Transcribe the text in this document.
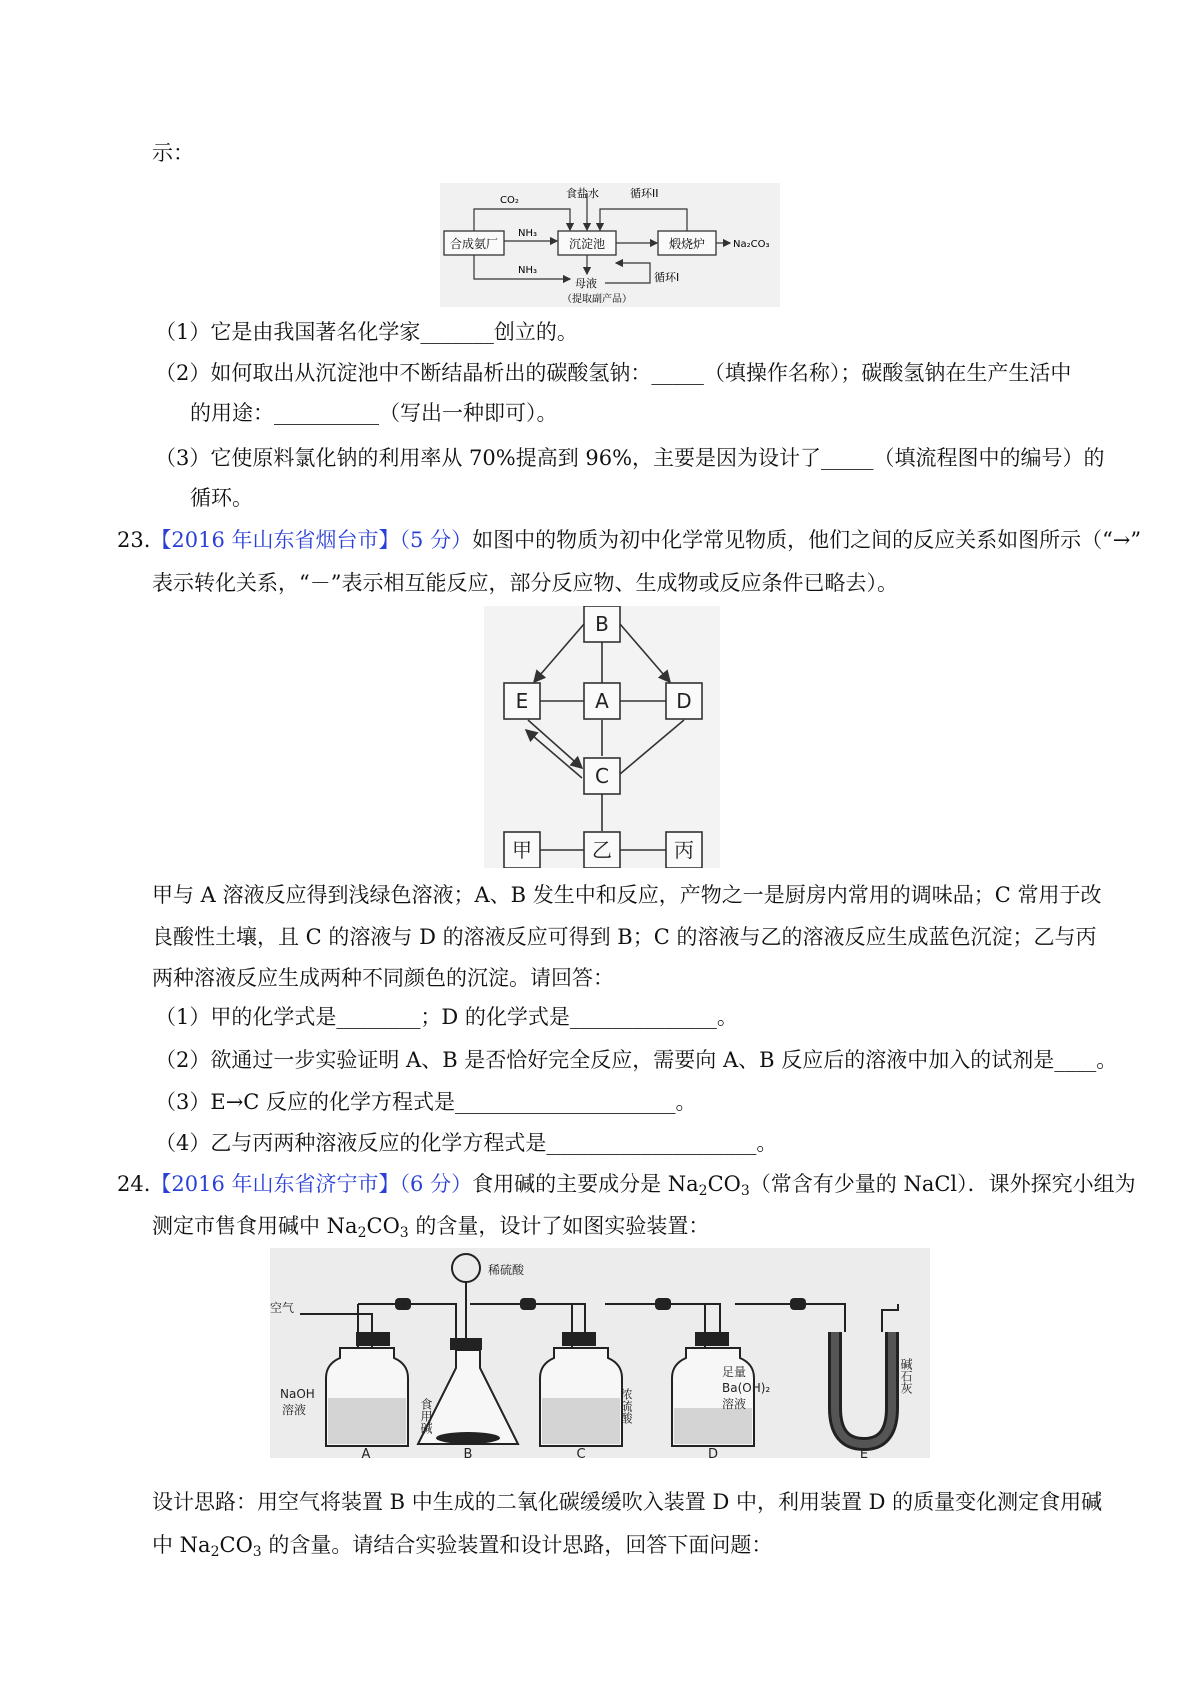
示：
合成氨厂	沉淀池	煅烧炉	Na₂CO₃
NH₃
CO₂
食盐水	循环II
NH₃
母液	循环I
（提取副产品）
（1）它是由我国著名化学家_______创立的。
（2）如何取出从沉淀池中不断结晶析出的碳酸氢钠：_____（填操作名称）；碳酸氢钠在生产生活中
的用途：__________（写出一种即可）。
（3）它使原料氯化钠的利用率从 70%提高到 96%，主要是因为设计了_____（填流程图中的编号）的
循环。
23.【2016 年山东省烟台市】（5 分）如图中的物质为初中化学常见物质，他们之间的反应关系如图所示（“→”
表示转化关系，“－”表示相互能反应，部分反应物、生成物或反应条件已略去）。
B
E	A	D
C
甲	乙	丙
甲与 A 溶液反应得到浅绿色溶液；A、B 发生中和反应，产物之一是厨房内常用的调味品；C 常用于改
良酸性土壤，且 C 的溶液与 D 的溶液反应可得到 B；C 的溶液与乙的溶液反应生成蓝色沉淀；乙与丙
两种溶液反应生成两种不同颜色的沉淀。请回答：
（1）甲的化学式是________；D 的化学式是______________。
（2）欲通过一步实验证明 A、B 是否恰好完全反应，需要向 A、B 反应后的溶液中加入的试剂是____。
（3）E→C 反应的化学方程式是_____________________。
（4）乙与丙两种溶液反应的化学方程式是____________________。
24.【2016 年山东省济宁市】（6 分）食用碱的主要成分是 $Na_2CO_3$（常含有少量的 NaCl）．课外探究小组为
测定市售食用碱中 $Na_2CO_3$ 的含量，设计了如图实验装置：
空气
稀硫酸
NaOH
溶液	食用碱	浓硫酸
足量
Ba(OH)₂
溶液
碱石灰
A	B	C	D	E
设计思路：用空气将装置 B 中生成的二氧化碳缓缓吹入装置 D 中，利用装置 D 的质量变化测定食用碱
中 $Na_2CO_3$ 的含量。请结合实验装置和设计思路，回答下面问题：
